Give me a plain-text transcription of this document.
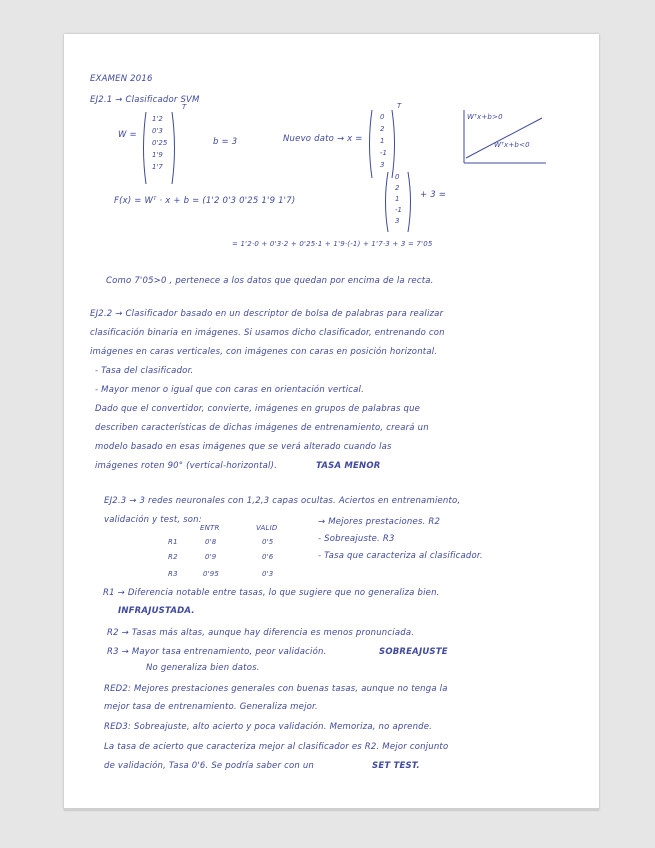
EXAMEN 2016
EJ2.1 → Clasificador SVM
W =
1'2
0'3
0'25
1'9
1'7
T
b = 3	Nuevo dato → x =
0
2
1
-1
3
T
Wᵀx+b>0
Wᵀx+b<0
F(x) = Wᵀ · x + b = (1'2 0'3 0'25 1'9 1'7)
0
2
1
-1
3
+ 3 =
= 1'2·0 + 0'3·2 + 0'25·1 + 1'9·(-1) + 1'7·3 + 3 = 7'05
Como 7'05>0 , pertenece a los datos que quedan por encima de la recta.
EJ2.2 → Clasificador basado en un descriptor de bolsa de palabras para realizar
clasificación binaria en imágenes. Si usamos dicho clasificador, entrenando con
imágenes en caras verticales, con imágenes con caras en posición horizontal.
- Tasa del clasificador.
- Mayor menor o igual que con caras en orientación vertical.
Dado que el convertidor, convierte, imágenes en grupos de palabras que
describen características de dichas imágenes de entrenamiento, creará un
modelo basado en esas imágenes que se verá alterado cuando las
imágenes roten 90° (vertical-horizontal).	TASA MENOR
EJ2.3 → 3 redes neuronales con 1,2,3 capas ocultas. Aciertos en entrenamiento,
validación y test, son:
ENTR	VALID
R1	0'8	0'5
R2	0'9	0'6
R3	0'95	0'3
→ Mejores prestaciones. R2
- Sobreajuste. R3
- Tasa que caracteriza al clasificador.
R1 → Diferencia notable entre tasas, lo que sugiere que no generaliza bien.
INFRAJUSTADA.
R2 → Tasas más altas, aunque hay diferencia es menos pronunciada.
R3 → Mayor tasa entrenamiento, peor validación.	SOBREAJUSTE
No generaliza bien datos.
RED2: Mejores prestaciones generales con buenas tasas, aunque no tenga la
mejor tasa de entrenamiento. Generaliza mejor.
RED3: Sobreajuste, alto acierto y poca validación. Memoriza, no aprende.
La tasa de acierto que caracteriza mejor al clasificador es R2. Mejor conjunto
de validación, Tasa 0'6. Se podría saber con un	SET TEST.
